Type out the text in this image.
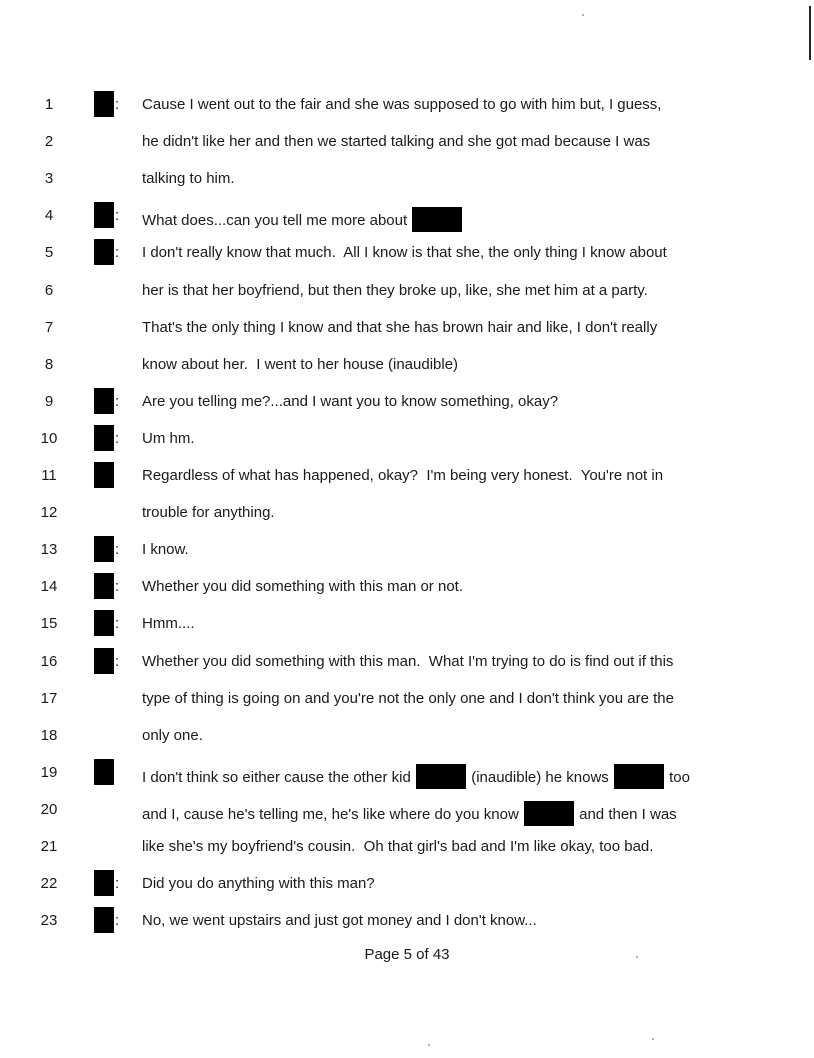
1	: Cause I went out to the fair and she was supposed to go with him but, I guess,
2	he didn't like her and then we started talking and she got mad because I was
3	talking to him.
4	: What does...can you tell me more about
5	: I don't really know that much.  All I know is that she, the only thing I know about
6	her is that her boyfriend, but then they broke up, like, she met him at a party.
7	That's the only thing I know and that she has brown hair and like, I don't really
8	know about her.  I went to her house (inaudible)
9	: Are you telling me?...and I want you to know something, okay?
10	: Um hm.
11	Regardless of what has happened, okay?  I'm being very honest.  You're not in
12	trouble for anything.
13	: I know.
14	: Whether you did something with this man or not.
15	: Hmm....
16	: Whether you did something with this man.  What I'm trying to do is find out if this
17	type of thing is going on and you're not the only one and I don't think you are the
18	only one.
19	I don't think so either cause the other kid	(inaudible) he knows	too
20	and I, cause he's telling me, he's like where do you know	and then I was
21	like she's my boyfriend's cousin.  Oh that girl's bad and I'm like okay, too bad.
22	: Did you do anything with this man?
23	: No, we went upstairs and just got money and I don't know...
Page 5 of 43
